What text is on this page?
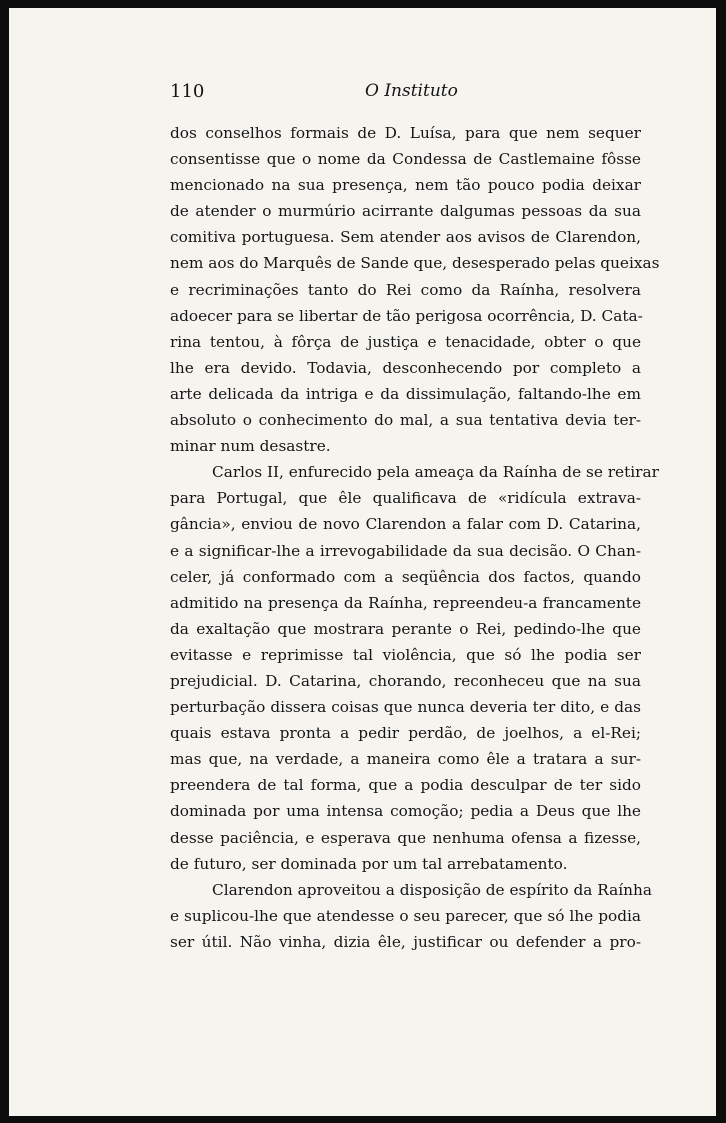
110	O Instituto
dos conselhos formais de D. Luísa, para que nem sequer
consentisse que o nome da Condessa de Castlemaine fôsse
mencionado na sua presença, nem tão pouco podia deixar
de atender o murmúrio acirrante dalgumas pessoas da sua
comitiva portuguesa. Sem atender aos avisos de Clarendon,
nem aos do Marquês de Sande que, desesperado pelas queixas
e recriminações tanto do Rei como da Raínha, resolvera
adoecer para se libertar de tão perigosa ocorrência, D. Cata-
rina tentou, à fôrça de justiça e tenacidade, obter o que
lhe era devido. Todavia, desconhecendo por completo a
arte delicada da intriga e da dissimulação, faltando-lhe em
absoluto o conhecimento do mal, a sua tentativa devia ter-
minar num desastre.
Carlos II, enfurecido pela ameaça da Raínha de se retirar
para Portugal, que êle qualificava de «ridícula extrava-
gância», enviou de novo Clarendon a falar com D. Catarina,
e a significar-lhe a irrevogabilidade da sua decisão. O Chan-
celer, já conformado com a seqüência dos factos, quando
admitido na presença da Raínha, repreendeu-a francamente
da exaltação que mostrara perante o Rei, pedindo-lhe que
evitasse e reprimisse tal violência, que só lhe podia ser
prejudicial. D. Catarina, chorando, reconheceu que na sua
perturbação dissera coisas que nunca deveria ter dito, e das
quais estava pronta a pedir perdão, de joelhos, a el-Rei;
mas que, na verdade, a maneira como êle a tratara a sur-
preendera de tal forma, que a podia desculpar de ter sido
dominada por uma intensa comoção; pedia a Deus que lhe
desse paciência, e esperava que nenhuma ofensa a fizesse,
de futuro, ser dominada por um tal arrebatamento.
Clarendon aproveitou a disposição de espírito da Raínha
e suplicou-lhe que atendesse o seu parecer, que só lhe podia
ser útil. Não vinha, dizia êle, justificar ou defender a pro-
